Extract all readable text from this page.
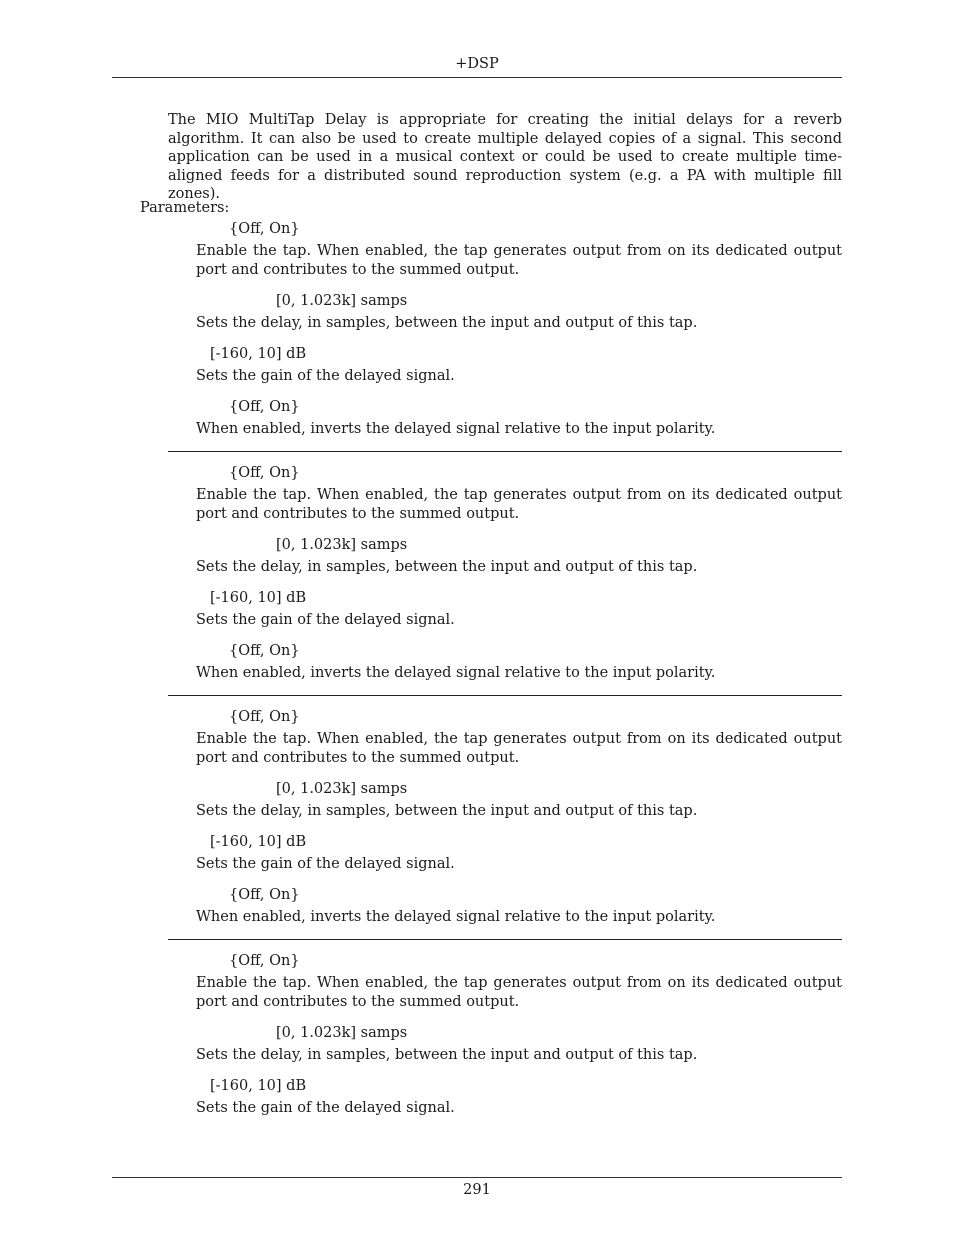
+DSP

The MIO MultiTap Delay is appropriate for creating the initial delays for a reverb algorithm. It can also be used to create multiple delayed copies of a signal. This second application can be used in a musical context or could be used to create multiple time-aligned feeds for a distributed sound reproduction system (e.g. a PA with multiple fill zones).

Parameters:
{Off, On}

Enable the tap. When enabled, the tap generates output from on its dedicated output port and contributes to the summed output.

[0, 1.023k] samps

Sets the delay, in samples, between the input and output of this tap.

[-160, 10] dB

Sets the gain of the delayed signal.

{Off, On}

When enabled, inverts the delayed signal relative to the input polarity.

{Off, On}

Enable the tap. When enabled, the tap generates output from on its dedicated output port and contributes to the summed output.

[0, 1.023k] samps

Sets the delay, in samples, between the input and output of this tap.

[-160, 10] dB

Sets the gain of the delayed signal.

{Off, On}

When enabled, inverts the delayed signal relative to the input polarity.

{Off, On}

Enable the tap. When enabled, the tap generates output from on its dedicated output port and contributes to the summed output.

[0, 1.023k] samps

Sets the delay, in samples, between the input and output of this tap.

[-160, 10] dB

Sets the gain of the delayed signal.

{Off, On}

When enabled, inverts the delayed signal relative to the input polarity.

{Off, On}

Enable the tap. When enabled, the tap generates output from on its dedicated output port and contributes to the summed output.

[0, 1.023k] samps

Sets the delay, in samples, between the input and output of this tap.

[-160, 10] dB

Sets the gain of the delayed signal.

291
